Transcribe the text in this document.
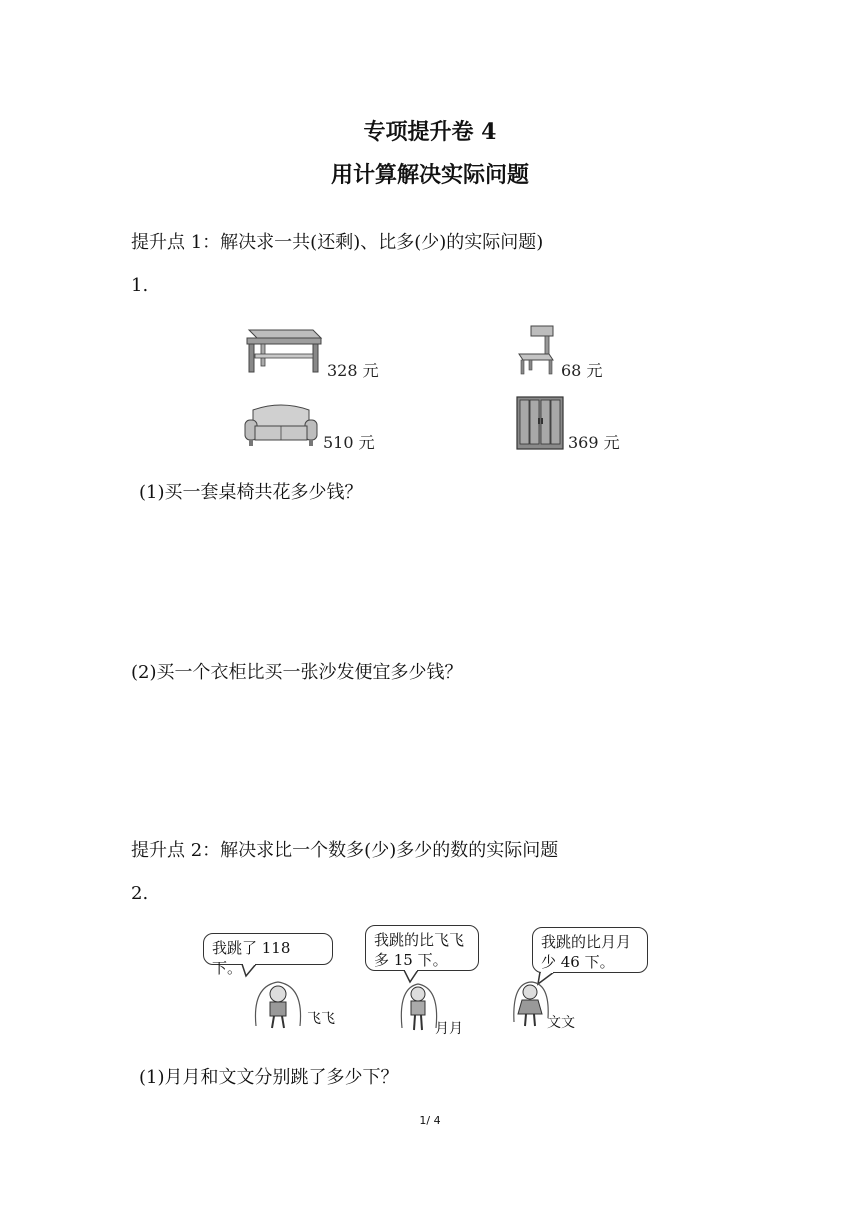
专项提升卷 4
用计算解决实际问题
提升点 1：解决求一共(还剩)、比多(少)的实际问题)
1.
328 元	68 元
510 元	369 元
(1)买一套桌椅共花多少钱？
(2)买一个衣柜比买一张沙发便宜多少钱？
提升点 2：解决求比一个数多(少)多少的数的实际问题
2.
我跳了 118 下。
飞飞
我跳的比飞飞
多 15 下。
月月
我跳的比月月
少 46 下。
文文
(1)月月和文文分别跳了多少下？
1/ 4
